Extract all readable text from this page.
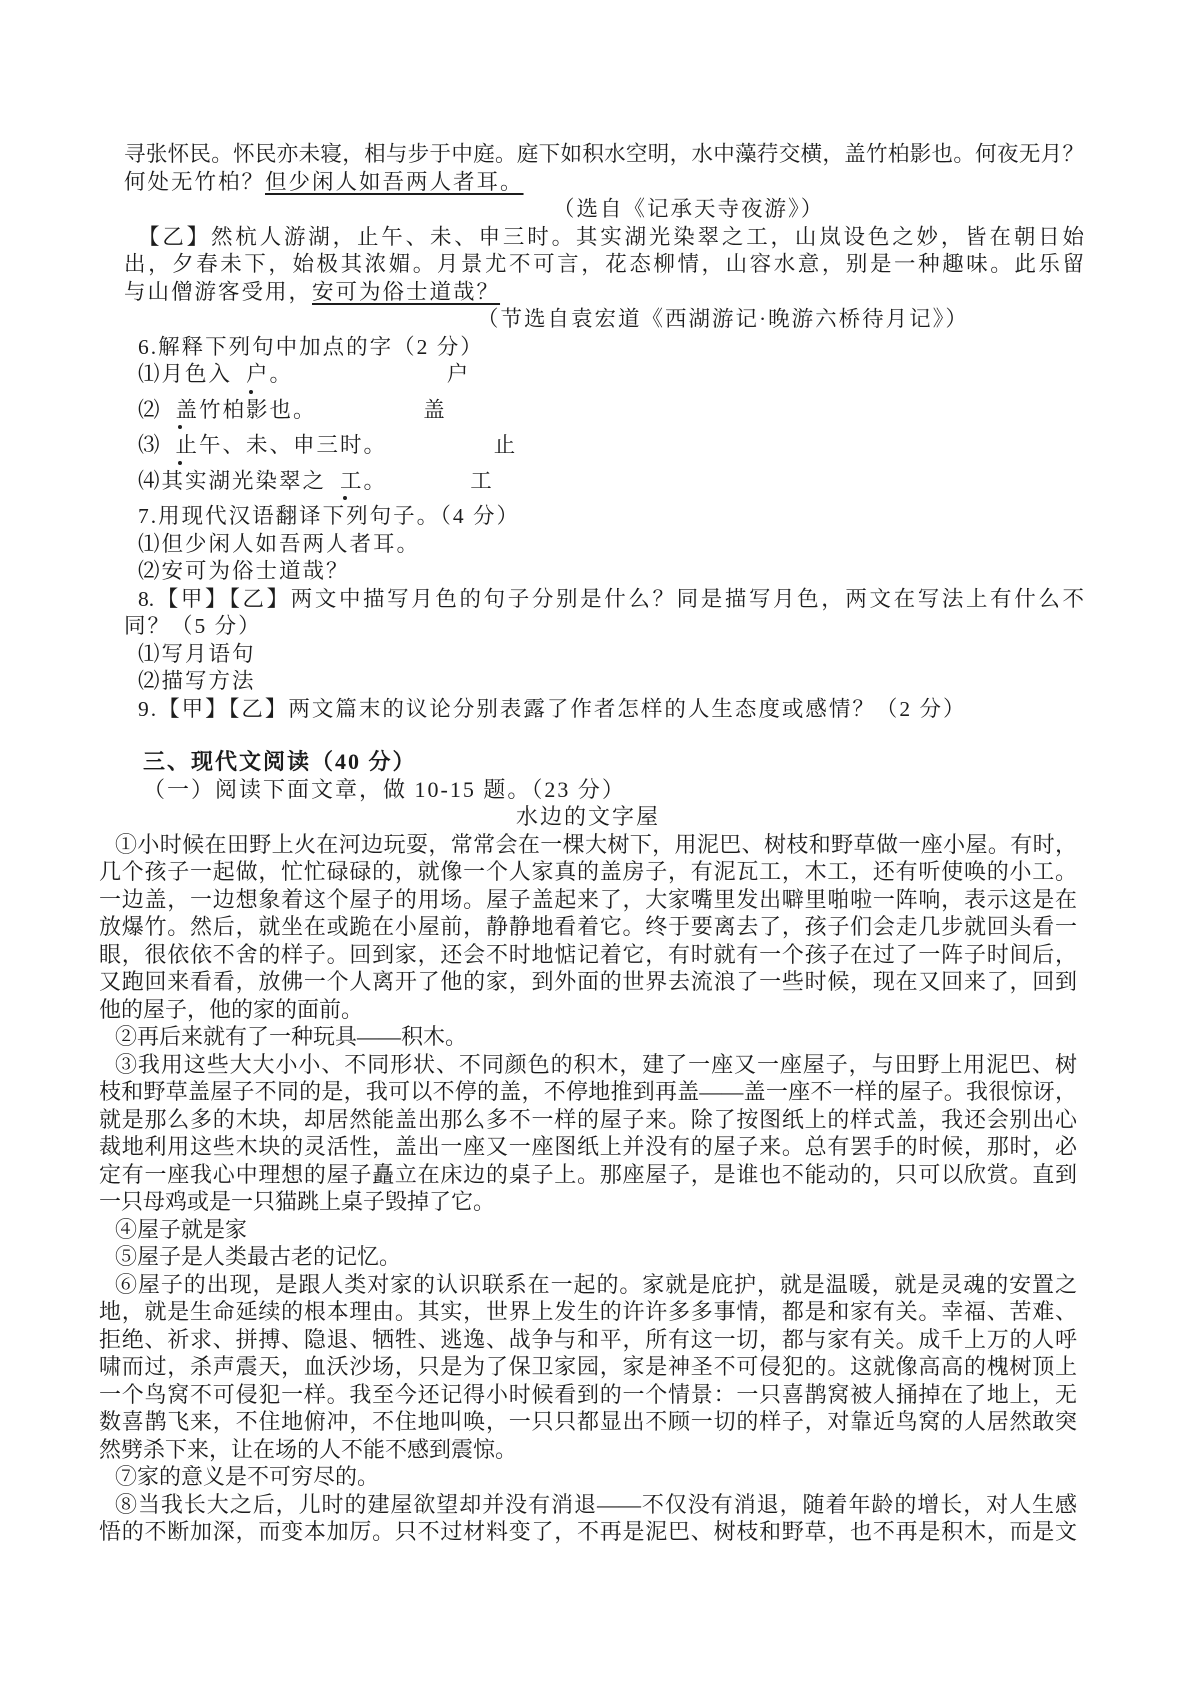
寻张怀民。怀民亦未寝，相与步于中庭。庭下如积水空明，水中藻荇交横，盖竹柏影也。何夜无月？
何处无竹柏？但少闲人如吾两人者耳。
（选自《记承天寺夜游》）
【乙】然杭人游湖，止午、未、申三时。其实湖光染翠之工，山岚设色之妙，皆在朝日始
出，夕春未下，始极其浓媚。月景尤不可言，花态柳情，山容水意，别是一种趣味。此乐留
与山僧游客受用，安可为俗士道哉？
（节选自袁宏道《西湖游记·晚游六桥待月记》）
6.解释下列句中加点的字（2 分）
⑴月色入 户。　　　　　　　户
⑵ 盖竹柏影也。　　　　　盖
⑶ 止午、未、申三时。　　　　　止
⑷其实湖光染翠之 工。　　　　工
7.用现代汉语翻译下列句子。（4 分）
⑴但少闲人如吾两人者耳。
⑵安可为俗士道哉？
8.【甲】【乙】两文中描写月色的句子分别是什么？同是描写月色，两文在写法上有什么不
同？（5 分）
⑴写月语句
⑵描写方法
9.【甲】【乙】两文篇末的议论分别表露了作者怎样的人生态度或感情？（2 分）
三、现代文阅读（40 分）
（一）阅读下面文章，做 10-15 题。（23 分）
水边的文字屋
①小时候在田野上火在河边玩耍，常常会在一棵大树下，用泥巴、树枝和野草做一座小屋。有时，
几个孩子一起做，忙忙碌碌的，就像一个人家真的盖房子，有泥瓦工，木工，还有听使唤的小工。
一边盖，一边想象着这个屋子的用场。屋子盖起来了，大家嘴里发出噼里啪啦一阵响，表示这是在
放爆竹。然后，就坐在或跪在小屋前，静静地看着它。终于要离去了，孩子们会走几步就回头看一
眼，很依依不舍的样子。回到家，还会不时地惦记着它，有时就有一个孩子在过了一阵子时间后，
又跑回来看看，放佛一个人离开了他的家，到外面的世界去流浪了一些时候，现在又回来了，回到
他的屋子，他的家的面前。
②再后来就有了一种玩具——积木。
③我用这些大大小小、不同形状、不同颜色的积木，建了一座又一座屋子，与田野上用泥巴、树
枝和野草盖屋子不同的是，我可以不停的盖，不停地推到再盖——盖一座不一样的屋子。我很惊讶，
就是那么多的木块，却居然能盖出那么多不一样的屋子来。除了按图纸上的样式盖，我还会别出心
裁地利用这些木块的灵活性，盖出一座又一座图纸上并没有的屋子来。总有罢手的时候，那时，必
定有一座我心中理想的屋子矗立在床边的桌子上。那座屋子，是谁也不能动的，只可以欣赏。直到
一只母鸡或是一只猫跳上桌子毁掉了它。
④屋子就是家
⑤屋子是人类最古老的记忆。
⑥屋子的出现，是跟人类对家的认识联系在一起的。家就是庇护，就是温暖，就是灵魂的安置之
地，就是生命延续的根本理由。其实，世界上发生的许许多多事情，都是和家有关。幸福、苦难、
拒绝、祈求、拼搏、隐退、牺牲、逃逸、战争与和平，所有这一切，都与家有关。成千上万的人呼
啸而过，杀声震天，血沃沙场，只是为了保卫家园，家是神圣不可侵犯的。这就像高高的槐树顶上
一个鸟窝不可侵犯一样。我至今还记得小时候看到的一个情景：一只喜鹊窝被人捅掉在了地上，无
数喜鹊飞来，不住地俯冲，不住地叫唤，一只只都显出不顾一切的样子，对靠近鸟窝的人居然敢突
然劈杀下来，让在场的人不能不感到震惊。
⑦家的意义是不可穷尽的。
⑧当我长大之后，儿时的建屋欲望却并没有消退——不仅没有消退，随着年龄的增长，对人生感
悟的不断加深，而变本加厉。只不过材料变了，不再是泥巴、树枝和野草，也不再是积木，而是文
